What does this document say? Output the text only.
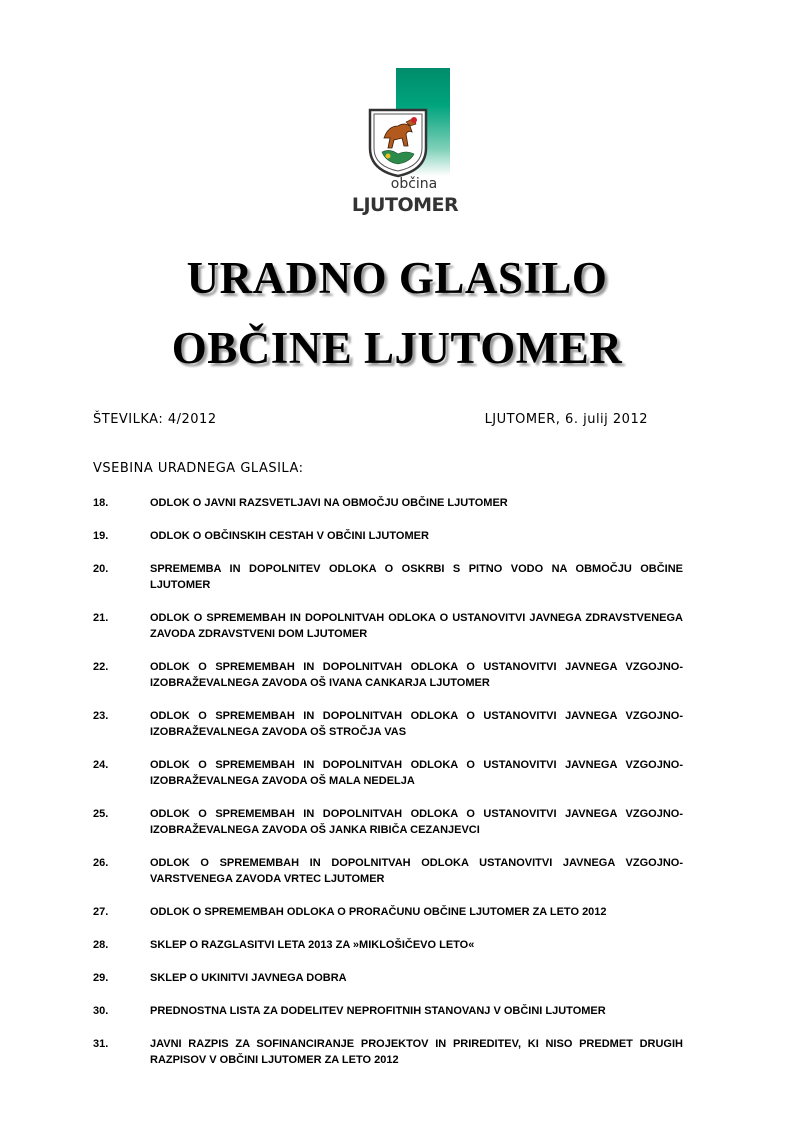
občina
LJUTOMER
URADNO GLASILO
OBČINE LJUTOMER
ŠTEVILKA: 4/2012	LJUTOMER, 6. julij 2012
VSEBINA URADNEGA GLASILA:
18.	ODLOK O JAVNI RAZSVETLJAVI NA OBMOČJU OBČINE LJUTOMER
19.	ODLOK O OBČINSKIH CESTAH V OBČINI LJUTOMER
20.	SPREMEMBA IN DOPOLNITEV ODLOKA O OSKRBI S PITNO VODO NA OBMOČJU OBČINE LJUTOMER
21.	ODLOK O SPREMEMBAH IN DOPOLNITVAH ODLOKA O USTANOVITVI JAVNEGA ZDRAVSTVENEGA ZAVODA ZDRAVSTVENI DOM LJUTOMER
22.	ODLOK O SPREMEMBAH IN DOPOLNITVAH ODLOKA O USTANOVITVI JAVNEGA VZGOJNO-IZOBRAŽEVALNEGA ZAVODA OŠ IVANA CANKARJA LJUTOMER
23.	ODLOK O SPREMEMBAH IN DOPOLNITVAH ODLOKA O USTANOVITVI JAVNEGA VZGOJNO-IZOBRAŽEVALNEGA ZAVODA OŠ STROČJA VAS
24.	ODLOK O SPREMEMBAH IN DOPOLNITVAH ODLOKA O USTANOVITVI JAVNEGA VZGOJNO-IZOBRAŽEVALNEGA ZAVODA OŠ MALA NEDELJA
25.	ODLOK O SPREMEMBAH IN DOPOLNITVAH ODLOKA O USTANOVITVI JAVNEGA VZGOJNO-IZOBRAŽEVALNEGA ZAVODA OŠ JANKA RIBIČA CEZANJEVCI
26.	ODLOK O SPREMEMBAH IN DOPOLNITVAH ODLOKA USTANOVITVI JAVNEGA VZGOJNO-VARSTVENEGA ZAVODA VRTEC LJUTOMER
27.	ODLOK O SPREMEMBAH ODLOKA O PRORAČUNU OBČINE LJUTOMER ZA LETO 2012
28.	SKLEP O RAZGLASITVI LETA 2013 ZA »MIKLOŠIČEVO LETO«
29.	SKLEP O UKINITVI JAVNEGA DOBRA
30.	PREDNOSTNA LISTA ZA DODELITEV NEPROFITNIH STANOVANJ V OBČINI LJUTOMER
31.	JAVNI RAZPIS ZA SOFINANCIRANJE PROJEKTOV IN PRIREDITEV, KI NISO PREDMET DRUGIH RAZPISOV V OBČINI LJUTOMER ZA LETO 2012
